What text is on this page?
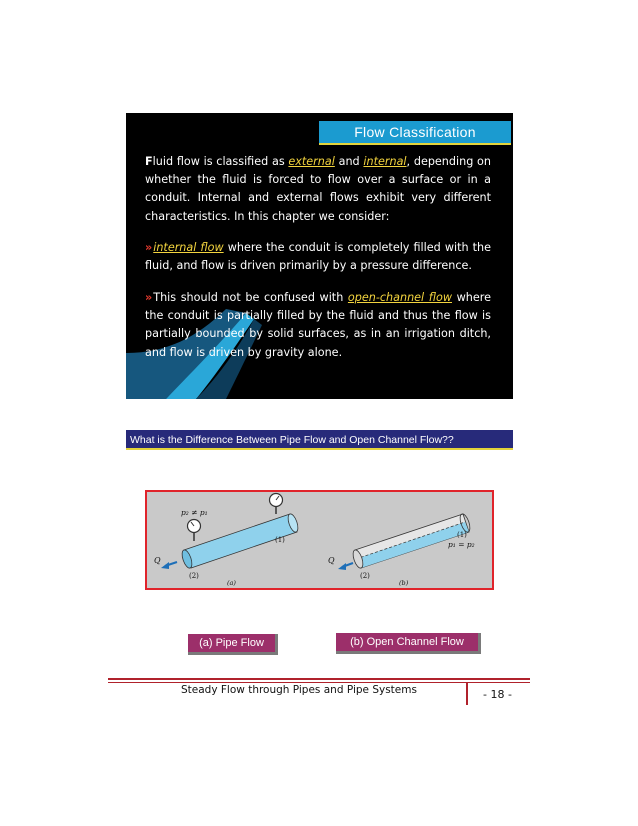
Flow Classification
Fluid flow is classified as external and internal, depending on whether the fluid is forced to flow over a surface or in a conduit. Internal and external flows exhibit very different characteristics. In this chapter we consider:
»internal flow where the conduit is completely filled with the fluid, and flow is driven primarily by a pressure difference.
»This should not be confused with open-channel flow where the conduit is partially filled by the fluid and thus the flow is partially bounded by solid surfaces, as in an irrigation ditch, and flow is driven by gravity alone.
What is the Difference Between Pipe Flow and Open Channel Flow??
p₂ ≠ p₁
(1)
(2)
Q
(a)
(1)
p₁ = p₂
(2)
Q
(b)
(a) Pipe Flow	(b) Open Channel Flow
Steady Flow through Pipes and Pipe Systems	- 18 -
